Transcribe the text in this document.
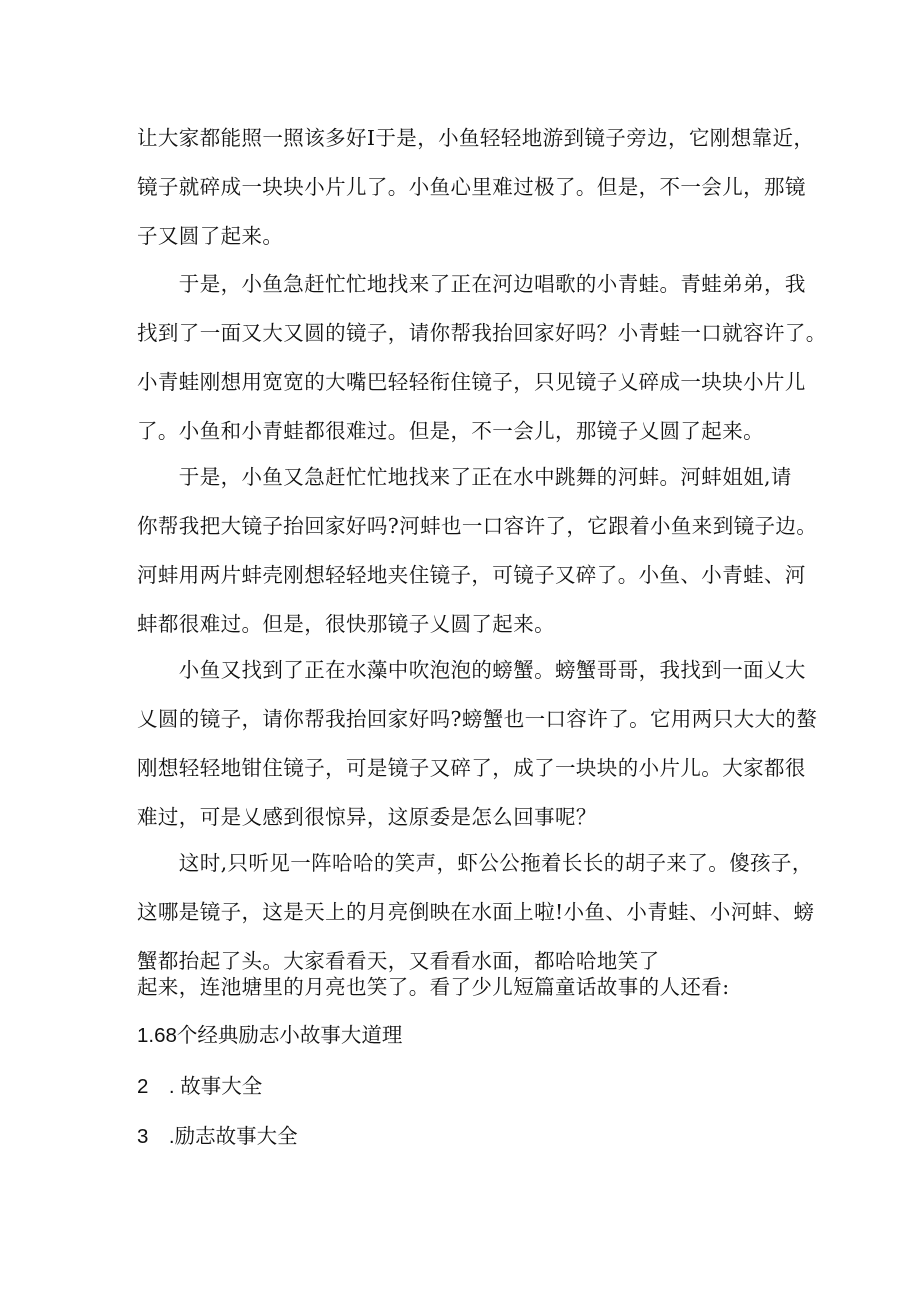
让大家都能照一照该多好I于是，小鱼轻轻地游到镜子旁边，它刚想靠近，
镜子就碎成一块块小片儿了。小鱼心里难过极了。但是，不一会儿，那镜
子又圆了起来。
　　于是，小鱼急赶忙忙地找来了正在河边唱歌的小青蛙。青蛙弟弟，我
找到了一面又大又圆的镜子，请你帮我抬回家好吗？小青蛙一口就容许了。
小青蛙刚想用宽宽的大嘴巴轻轻衔住镜子，只见镜子乂碎成一块块小片儿
了。小鱼和小青蛙都很难过。但是，不一会儿，那镜子乂圆了起来。
　　于是，小鱼又急赶忙忙地找来了正在水中跳舞的河蚌。河蚌姐姐,请
你帮我把大镜子抬回家好吗?河蚌也一口容许了，它跟着小鱼来到镜子边。
河蚌用两片蚌壳刚想轻轻地夹住镜子，可镜子又碎了。小鱼、小青蛙、河
蚌都很难过。但是，很快那镜子乂圆了起来。
　　小鱼又找到了正在水藻中吹泡泡的螃蟹。螃蟹哥哥，我找到一面乂大
乂圆的镜子，请你帮我抬回家好吗?螃蟹也一口容许了。它用两只大大的螯
刚想轻轻地钳住镜子，可是镜子又碎了，成了一块块的小片儿。大家都很
难过，可是乂感到很惊异，这原委是怎么回事呢？
　　这时,只听见一阵哈哈的笑声，虾公公拖着长长的胡子来了。傻孩子，
这哪是镜子，这是天上的月亮倒映在水面上啦!小鱼、小青蛙、小河蚌、螃
蟹都抬起了头。大家看看天，又看看水面，都哈哈地笑了
起来，连池塘里的月亮也笑了。看了少儿短篇童话故事的人还看:
1.68个经典励志小故事大道理
2　. 故事大全
3　.励志故事大全
